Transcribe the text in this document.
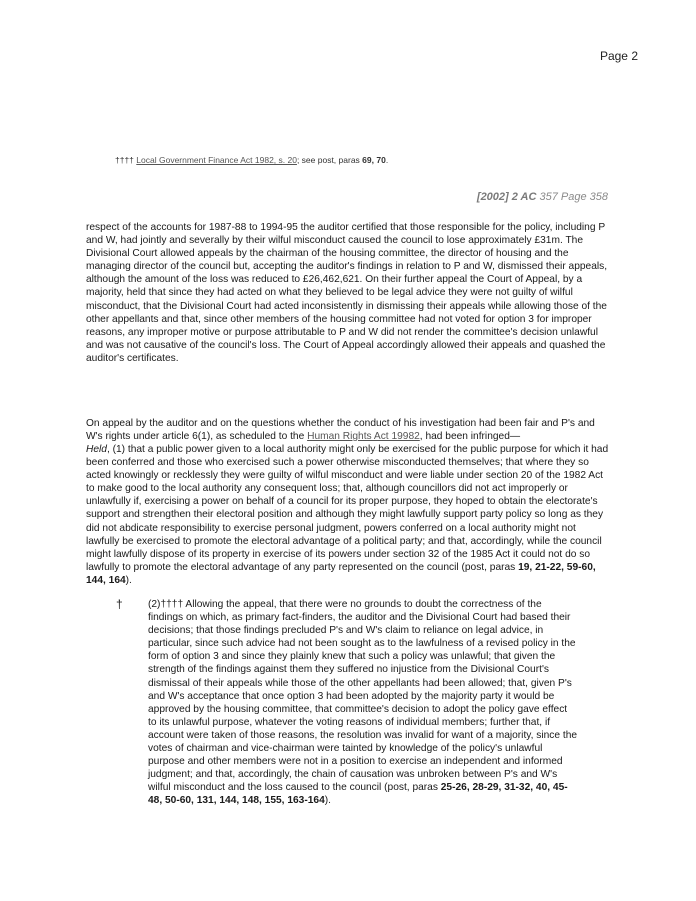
Page 2
†††† Local Government Finance Act 1982, s. 20; see post, paras 69, 70.
[2002] 2 AC 357 Page 358

respect of the accounts for 1987-88 to 1994-95 the auditor certified that those responsible for the policy, including P and W, had jointly and severally by their wilful misconduct caused the council to lose approximately £31m. The Divisional Court allowed appeals by the chairman of the housing committee, the director of housing and the managing director of the council but, accepting the auditor's findings in relation to P and W, dismissed their appeals, although the amount of the loss was reduced to £26,462,621. On their further appeal the Court of Appeal, by a majority, held that since they had acted on what they believed to be legal advice they were not guilty of wilful misconduct, that the Divisional Court had acted inconsistently in dismissing their appeals while allowing those of the other appellants and that, since other members of the housing committee had not voted for option 3 for improper reasons, any improper motive or purpose attributable to P and W did not render the committee's decision unlawful and was not causative of the council's loss. The Court of Appeal accordingly allowed their appeals and quashed the auditor's certificates.

On appeal by the auditor and on the questions whether the conduct of his investigation had been fair and P's and W's rights under article 6(1), as scheduled to the Human Rights Act 19982, had been infringed—

Held, (1) that a public power given to a local authority might only be exercised for the public purpose for which it had been conferred and those who exercised such a power otherwise misconducted themselves; that where they so acted knowingly or recklessly they were guilty of wilful misconduct and were liable under section 20 of the 1982 Act to make good to the local authority any consequent loss; that, although councillors did not act improperly or unlawfully if, exercising a power on behalf of a council for its proper purpose, they hoped to obtain the electorate's support and strengthen their electoral position and although they might lawfully support party policy so long as they did not abdicate responsibility to exercise personal judgment, powers conferred on a local authority might not lawfully be exercised to promote the electoral advantage of a political party; and that, accordingly, while the council might lawfully dispose of its property in exercise of its powers under section 32 of the 1985 Act it could not do so lawfully to promote the electoral advantage of any party represented on the council (post, paras 19, 21-22, 59-60, 144, 164).

† (2)†††† Allowing the appeal, that there were no grounds to doubt the correctness of the findings on which, as primary fact-finders, the auditor and the Divisional Court had based their decisions; that those findings precluded P's and W's claim to reliance on legal advice, in particular, since such advice had not been sought as to the lawfulness of a revised policy in the form of option 3 and since they plainly knew that such a policy was unlawful; that given the strength of the findings against them they suffered no injustice from the Divisional Court's dismissal of their appeals while those of the other appellants had been allowed; that, given P's and W's acceptance that once option 3 had been adopted by the majority party it would be approved by the housing committee, that committee's decision to adopt the policy gave effect to its unlawful purpose, whatever the voting reasons of individual members; further that, if account were taken of those reasons, the resolution was invalid for want of a majority, since the votes of chairman and vice-chairman were tainted by knowledge of the policy's unlawful purpose and other members were not in a position to exercise an independent and informed judgment; and that, accordingly, the chain of causation was unbroken between P's and W's wilful misconduct and the loss caused to the council (post, paras 25-26, 28-29, 31-32, 40, 45-48, 50-60, 131, 144, 148, 155, 163-164).
